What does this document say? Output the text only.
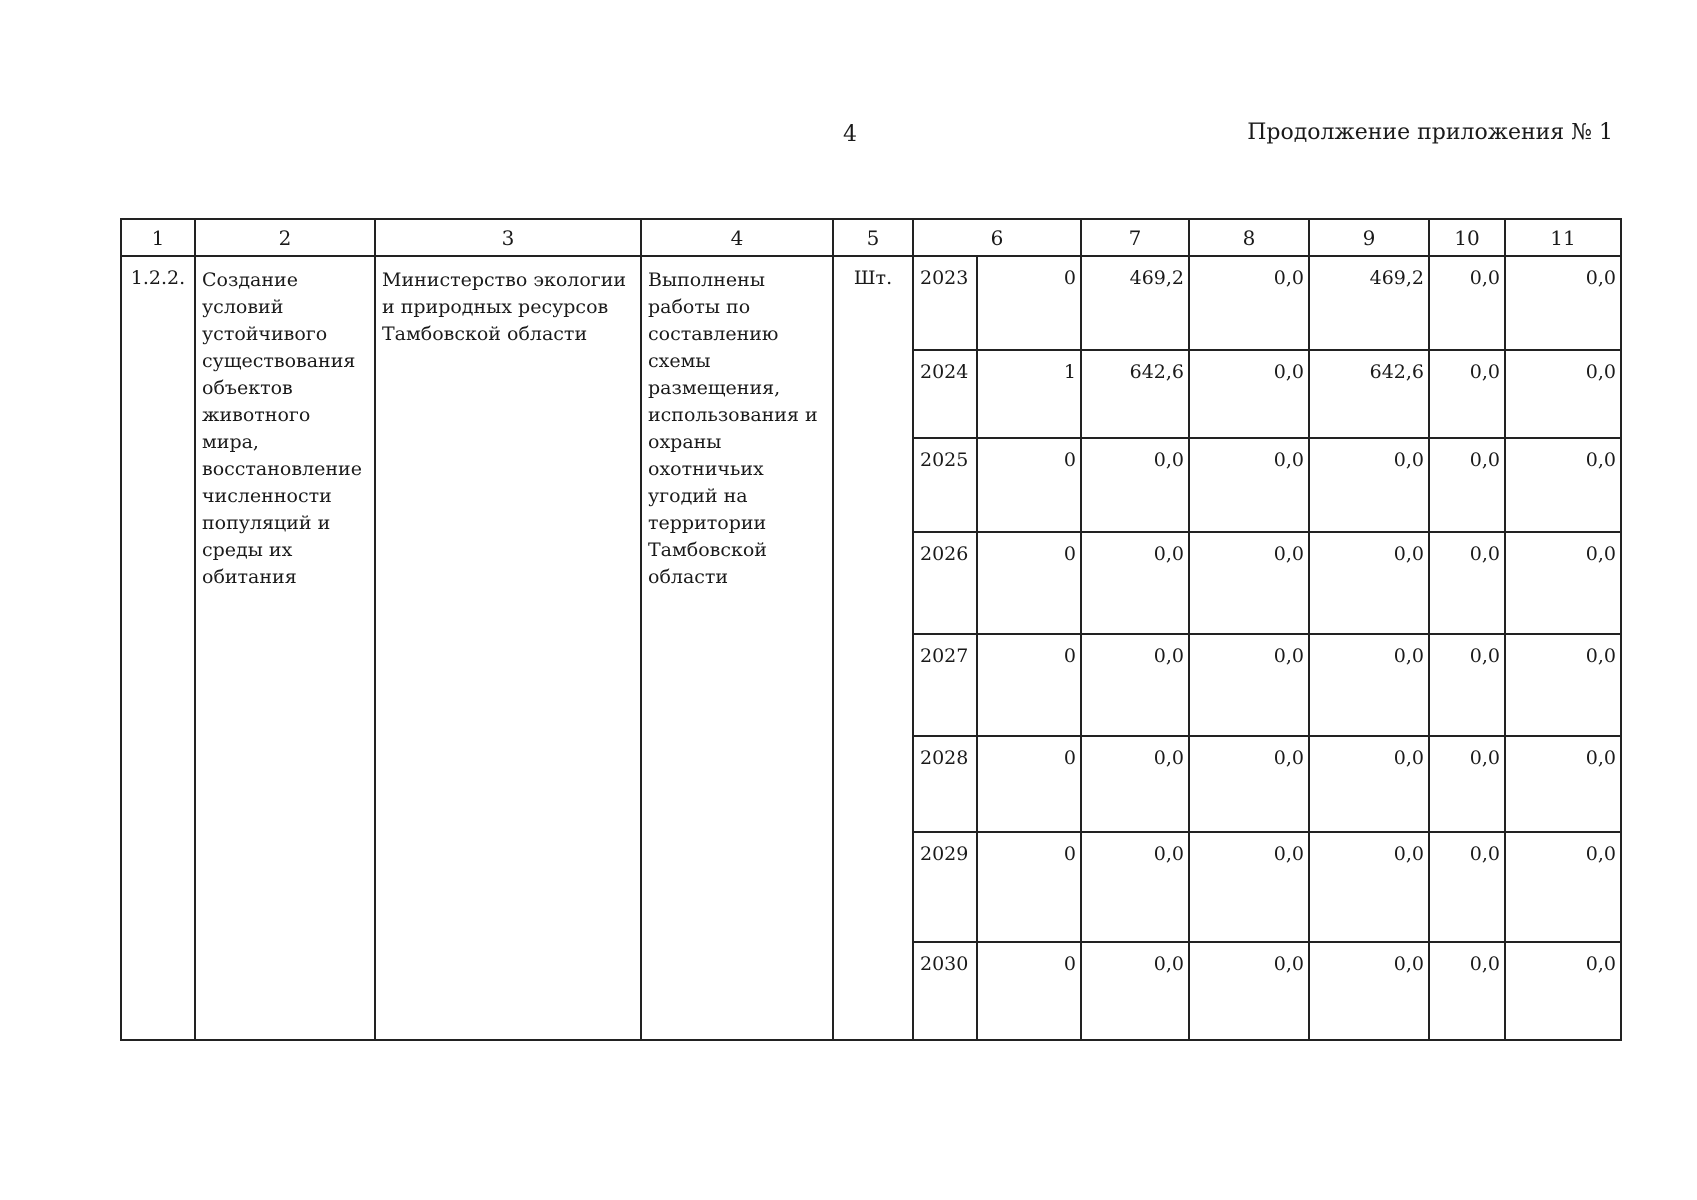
4	Продолжение приложения № 1
1	2	3	4	5	6		7	8	9	10	11
1.2.2.	Создание условий устойчивого существования объектов животного мира, восстановление численности популяций и среды их обитания	Министерство экологии и природных ресурсов Тамбовской области	Выполнены работы по составлению схемы размещения, использования и охраны охотничьих угодий на территории Тамбовской области	Шт.	2023	0	469,2	0,0	469,2	0,0	0,0
					2024	1	642,6	0,0	642,6	0,0	0,0
					2025	0	0,0	0,0	0,0	0,0	0,0
					2026	0	0,0	0,0	0,0	0,0	0,0
					2027	0	0,0	0,0	0,0	0,0	0,0
					2028	0	0,0	0,0	0,0	0,0	0,0
					2029	0	0,0	0,0	0,0	0,0	0,0
					2030	0	0,0	0,0	0,0	0,0	0,0
